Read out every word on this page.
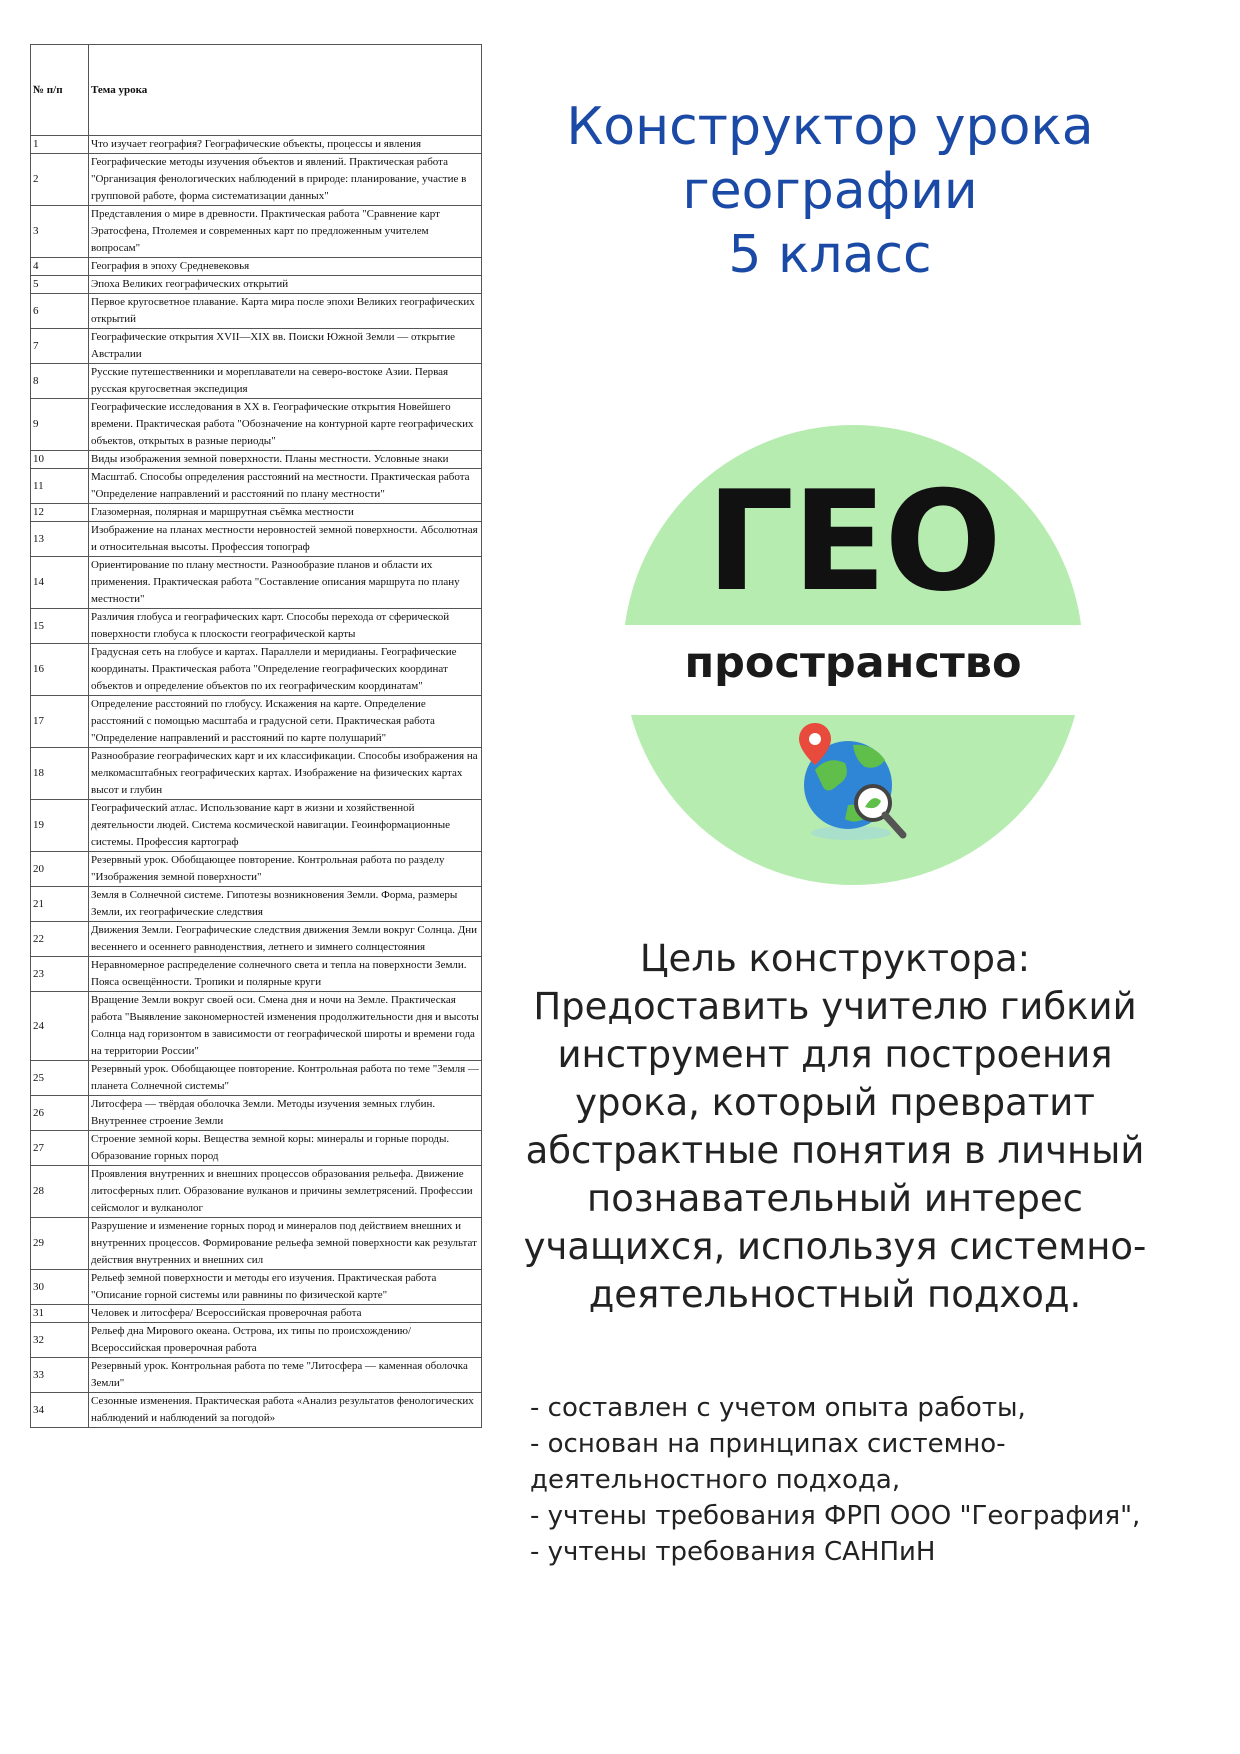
№ п/п	Тема урока
1	Что изучает география? Географические объекты, процессы и явления
2	Географические методы изучения объектов и явлений. Практическая работа "Организация фенологических наблюдений в природе: планирование, участие в групповой работе, форма систематизации данных"
3	Представления о мире в древности. Практическая работа "Сравнение карт Эратосфена, Птолемея и современных карт по предложенным учителем вопросам"
4	География в эпоху Средневековья
5	Эпоха Великих географических открытий
6	Первое кругосветное плавание. Карта мира после эпохи Великих географических открытий
7	Географические открытия XVII—XIX вв. Поиски Южной Земли — открытие Австралии
8	Русские путешественники и мореплаватели на северо-востоке Азии. Первая русская кругосветная экспедиция
9	Географические исследования в XX в. Географические открытия Новейшего времени. Практическая работа "Обозначение на контурной карте географических объектов, открытых в разные периоды"
10	Виды изображения земной поверхности. Планы местности. Условные знаки
11	Масштаб. Способы определения расстояний на местности. Практическая работа "Определение направлений и расстояний по плану местности"
12	Глазомерная, полярная и маршрутная съёмка местности
13	Изображение на планах местности неровностей земной поверхности. Абсолютная и относительная высоты. Профессия топограф
14	Ориентирование по плану местности. Разнообразие планов и области их применения. Практическая работа "Составление описания маршрута по плану местности"
15	Различия глобуса и географических карт. Способы перехода от сферической поверхности глобуса к плоскости географической карты
16	Градусная сеть на глобусе и картах. Параллели и меридианы. Географические координаты. Практическая работа "Определение географических координат объектов и определение объектов по их географическим координатам"
17	Определение расстояний по глобусу. Искажения на карте. Определение расстояний с помощью масштаба и градусной сети. Практическая работа "Определение направлений и расстояний по карте полушарий"
18	Разнообразие географических карт и их классификации. Способы изображения на мелкомасштабных географических картах. Изображение на физических картах высот и глубин
19	Географический атлас. Использование карт в жизни и хозяйственной деятельности людей. Система космической навигации. Геоинформационные системы. Профессия картограф
20	Резервный урок. Обобщающее повторение. Контрольная работа по разделу "Изображения земной поверхности"
21	Земля в Солнечной системе. Гипотезы возникновения Земли. Форма, размеры Земли, их географические следствия
22	Движения Земли. Географические следствия движения Земли вокруг Солнца. Дни весеннего и осеннего равноденствия, летнего и зимнего солнцестояния
23	Неравномерное распределение солнечного света и тепла на поверхности Земли. Пояса освещённости. Тропики и полярные круги
24	Вращение Земли вокруг своей оси. Смена дня и ночи на Земле. Практическая работа "Выявление закономерностей изменения продолжительности дня и высоты Солнца над горизонтом в зависимости от географической широты и времени года на территории России"
25	Резервный урок. Обобщающее повторение. Контрольная работа по теме "Земля — планета Солнечной системы"
26	Литосфера — твёрдая оболочка Земли. Методы изучения земных глубин. Внутреннее строение Земли
27	Строение земной коры. Вещества земной коры: минералы и горные породы. Образование горных пород
28	Проявления внутренних и внешних процессов образования рельефа. Движение литосферных плит. Образование вулканов и причины землетрясений. Профессии сейсмолог и вулканолог
29	Разрушение и изменение горных пород и минералов под действием внешних и внутренних процессов. Формирование рельефа земной поверхности как результат действия внутренних и внешних сил
30	Рельеф земной поверхности и методы его изучения. Практическая работа "Описание горной системы или равнины по физической карте"
31	Человек и литосфера/ Всероссийская проверочная работа
32	Рельеф дна Мирового океана. Острова, их типы по происхождению/ Всероссийская проверочная работа
33	Резервный урок. Контрольная работа по теме "Литосфера — каменная оболочка Земли"
34	Сезонные изменения. Практическая работа «Анализ результатов фенологических наблюдений и наблюдений за погодой»
Конструктор урока
географии
5 класс
ГЕО
пространство
Цель конструктора:
Предоставить учителю гибкий
инструмент для построения
урока, который превратит
абстрактные понятия в личный
познавательный интерес
учащихся, используя системно-
деятельностный подход.
- составлен с учетом опыта работы,
- основан на принципах системно-
деятельностного подхода,
- учтены требования ФРП ООО "География",
- учтены требования САНПиН
